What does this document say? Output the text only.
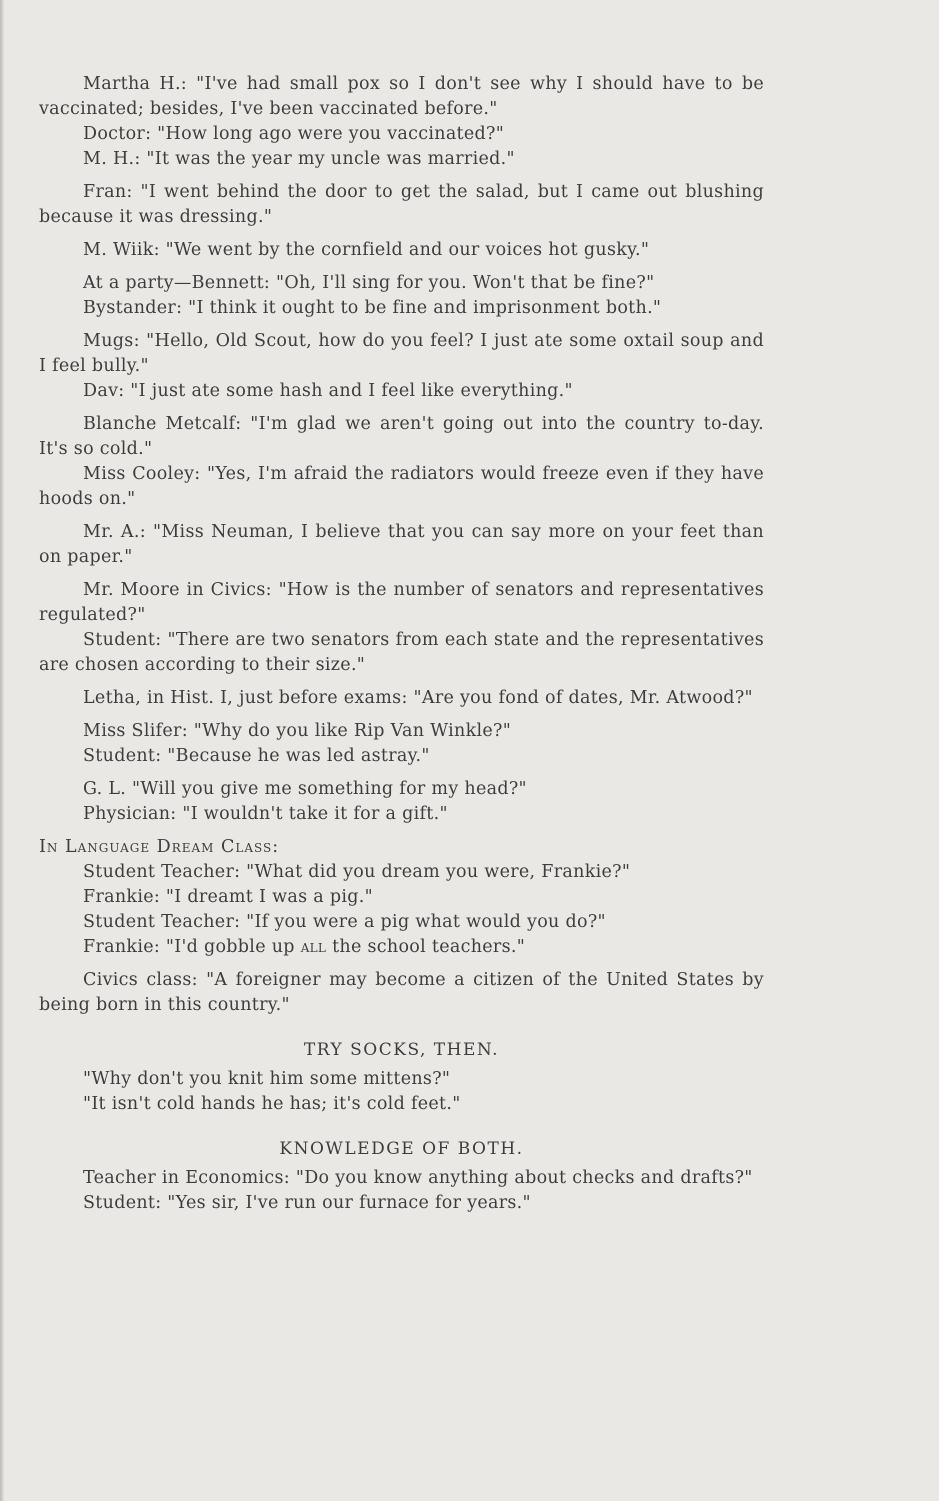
Martha H.: "I've had small pox so I don't see why I should have to be vaccinated; besides, I've been vaccinated before."

Doctor: "How long ago were you vaccinated?"

M. H.: "It was the year my uncle was married."

Fran: "I went behind the door to get the salad, but I came out blushing because it was dressing."

M. Wiik: "We went by the cornfield and our voices hot gusky."

At a party—Bennett: "Oh, I'll sing for you. Won't that be fine?"

Bystander: "I think it ought to be fine and imprisonment both."

Mugs: "Hello, Old Scout, how do you feel? I just ate some oxtail soup and I feel bully."

Dav: "I just ate some hash and I feel like everything."

Blanche Metcalf: "I'm glad we aren't going out into the country to-day. It's so cold."

Miss Cooley: "Yes, I'm afraid the radiators would freeze even if they have hoods on."

Mr. A.: "Miss Neuman, I believe that you can say more on your feet than on paper."

Mr. Moore in Civics: "How is the number of senators and representatives regulated?"

Student: "There are two senators from each state and the representatives are chosen according to their size."

Letha, in Hist. I, just before exams: "Are you fond of dates, Mr. Atwood?"

Miss Slifer: "Why do you like Rip Van Winkle?"

Student: "Because he was led astray."

G. L. "Will you give me something for my head?"

Physician: "I wouldn't take it for a gift."

In Language Dream Class:

Student Teacher: "What did you dream you were, Frankie?"

Frankie: "I dreamt I was a pig."

Student Teacher: "If you were a pig what would you do?"

Frankie: "I'd gobble up all the school teachers."

Civics class: "A foreigner may become a citizen of the United States by being born in this country."

TRY SOCKS, THEN.

"Why don't you knit him some mittens?"

"It isn't cold hands he has; it's cold feet."

KNOWLEDGE OF BOTH.

Teacher in Economics: "Do you know anything about checks and drafts?"

Student: "Yes sir, I've run our furnace for years."
